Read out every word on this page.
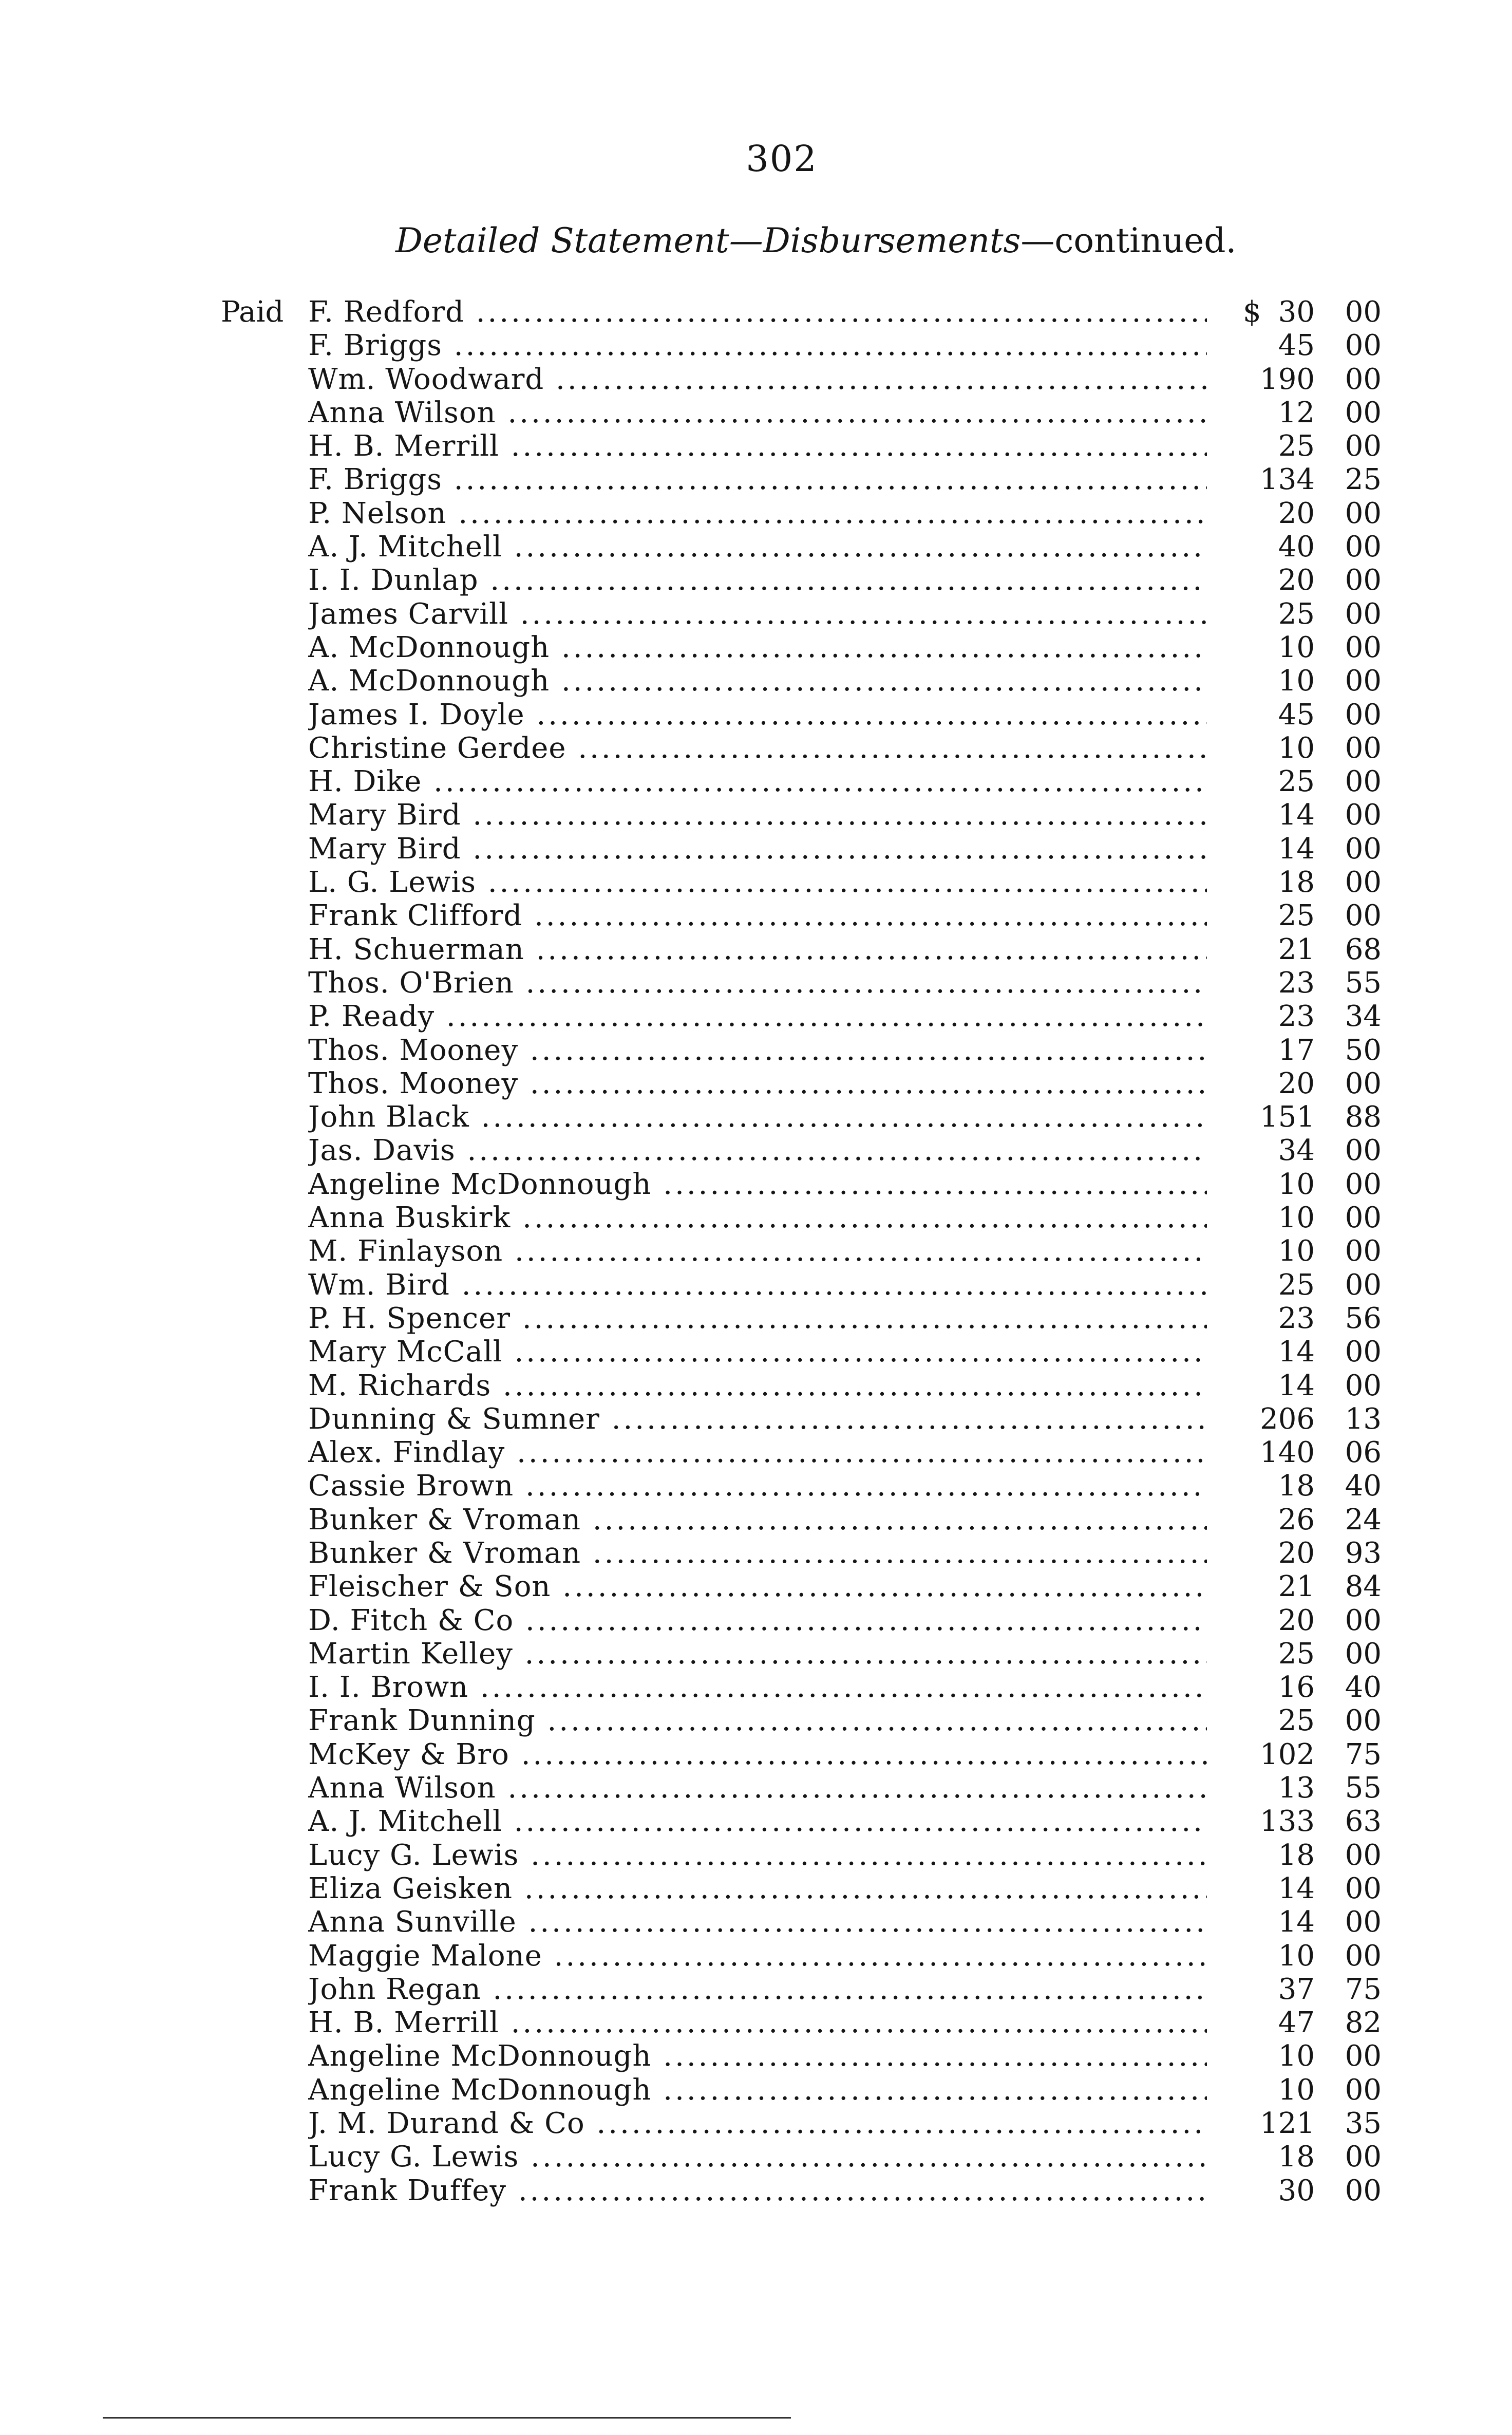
302
Detailed Statement—Disbursements—continued.
Paid F. Redford .....	$ 30 00
F. Briggs .....	45 00
Wm. Woodward .....	190 00
Anna Wilson .....	12 00
H. B. Merrill .....	25 00
F. Briggs .....	134 25
P. Nelson .....	20 00
A. J. Mitchell .....	40 00
I. I. Dunlap .....	20 00
James Carvill .....	25 00
A. McDonnough .....	10 00
A. McDonnough .....	10 00
James I. Doyle .....	45 00
Christine Gerdee .....	10 00
H. Dike .....	25 00
Mary Bird .....	14 00
Mary Bird .....	14 00
L. G. Lewis .....	18 00
Frank Clifford .....	25 00
H. Schuerman .....	21 68
Thos. O'Brien .....	23 55
P. Ready .....	23 34
Thos. Mooney .....	17 50
Thos. Mooney .....	20 00
John Black .....	151 88
Jas. Davis .....	34 00
Angeline McDonnough .....	10 00
Anna Buskirk .....	10 00
M. Finlayson .....	10 00
Wm. Bird .....	25 00
P. H. Spencer .....	23 56
Mary McCall .....	14 00
M. Richards .....	14 00
Dunning & Sumner .....	206 13
Alex. Findlay .....	140 06
Cassie Brown .....	18 40
Bunker & Vroman .....	26 24
Bunker & Vroman .....	20 93
Fleischer & Son .....	21 84
D. Fitch & Co .....	20 00
Martin Kelley .....	25 00
I. I. Brown .....	16 40
Frank Dunning .....	25 00
McKey & Bro .....	102 75
Anna Wilson .....	13 55
A. J. Mitchell .....	133 63
Lucy G. Lewis .....	18 00
Eliza Geisken .....	14 00
Anna Sunville .....	14 00
Maggie Malone .....	10 00
John Regan .....	37 75
H. B. Merrill .....	47 82
Angeline McDonnough .....	10 00
Angeline McDonnough .....	10 00
J. M. Durand & Co .....	121 35
Lucy G. Lewis .....	18 00
Frank Duffey .....	30 00
